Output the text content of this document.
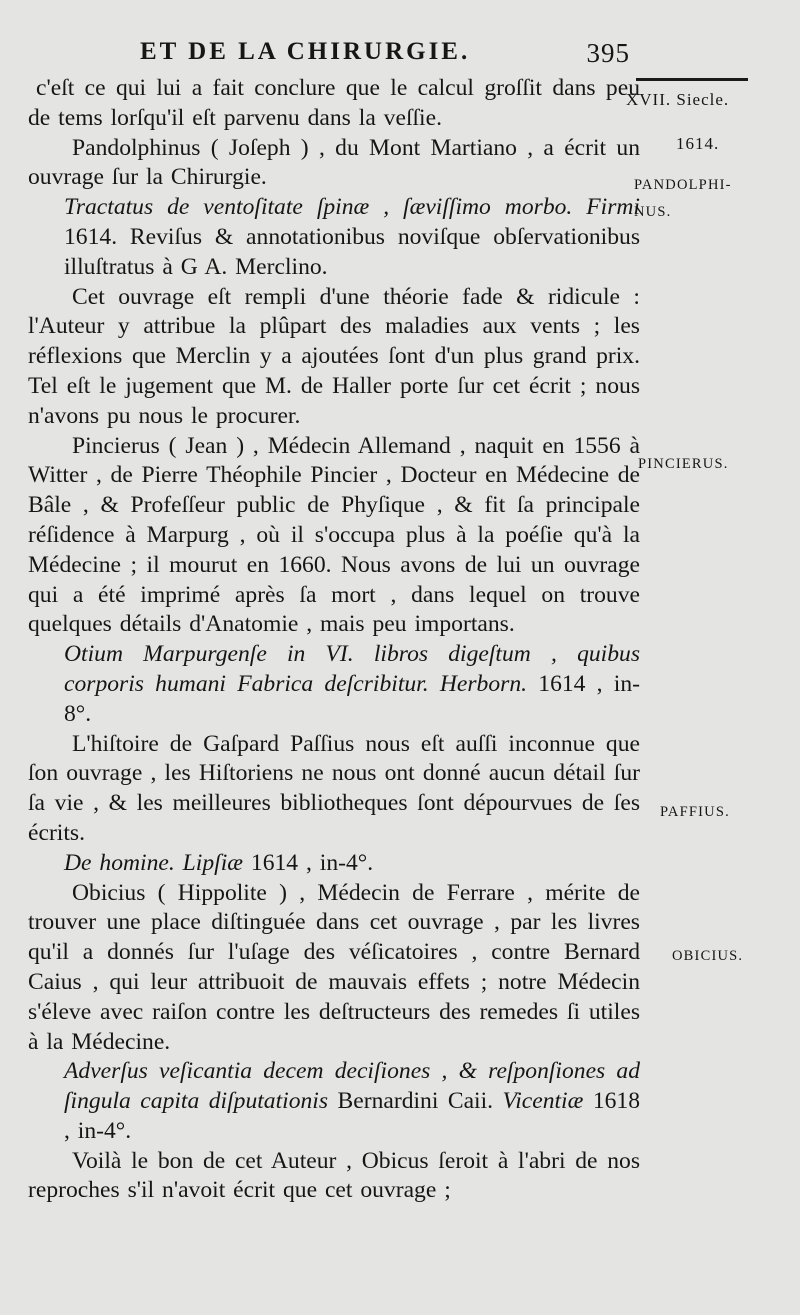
ET DE LA CHIRURGIE.	395
XVII. Siecle.
1614.
PANDOLPHI-
NUS.
PINCIERUS.
PAFFIUS.
OBICIUS.

c'eſt ce qui lui a fait conclure que le calcul groſſit dans peu de tems lorſqu'il eſt parvenu dans la veſſie.

Pandolphinus ( Joſeph ) , du Mont Martiano , a écrit un ouvrage ſur la Chirurgie.

Tractatus de ventoſitate ſpinæ , ſæviſſimo morbo. Firmi 1614. Reviſus & annotationibus noviſque obſervationibus illuſtratus à G A. Merclino.

Cet ouvrage eſt rempli d'une théorie fade & ridicule : l'Auteur y attribue la plûpart des maladies aux vents ; les réflexions que Merclin y a ajoutées ſont d'un plus grand prix. Tel eſt le jugement que M. de Haller porte ſur cet écrit ; nous n'avons pu nous le procurer.

Pincierus ( Jean ) , Médecin Allemand , naquit en 1556 à Witter , de Pierre Théophile Pincier , Docteur en Médecine de Bâle , & Profeſſeur public de Phyſique , & fit ſa principale réſidence à Marpurg , où il s'occupa plus à la poéſie qu'à la Médecine ; il mourut en 1660. Nous avons de lui un ouvrage qui a été imprimé après ſa mort , dans lequel on trouve quelques détails d'Anatomie , mais peu importans.

Otium Marpurgenſe in VI. libros digeſtum , quibus corporis humani Fabrica deſcribitur. Herborn. 1614 , in-8°.

L'hiſtoire de Gaſpard Paſſius nous eſt auſſi inconnue que ſon ouvrage , les Hiſtoriens ne nous ont donné aucun détail ſur ſa vie , & les meilleures bibliotheques ſont dépourvues de ſes écrits.

De homine. Lipſiæ 1614 , in-4°.

Obicius ( Hippolite ) , Médecin de Ferrare , mérite de trouver une place diſtinguée dans cet ouvrage , par les livres qu'il a donnés ſur l'uſage des véſicatoires , contre Bernard Caius , qui leur attribuoit de mauvais effets ; notre Médecin s'éleve avec raiſon contre les deſtructeurs des remedes ſi utiles à la Médecine.

Adverſus veſicantia decem deciſiones , & reſponſiones ad ſingula capita diſputationis Bernardini Caii. Vicentiæ 1618 , in-4°.

Voilà le bon de cet Auteur , Obicus ſeroit à l'abri de nos reproches s'il n'avoit écrit que cet ouvrage ;
